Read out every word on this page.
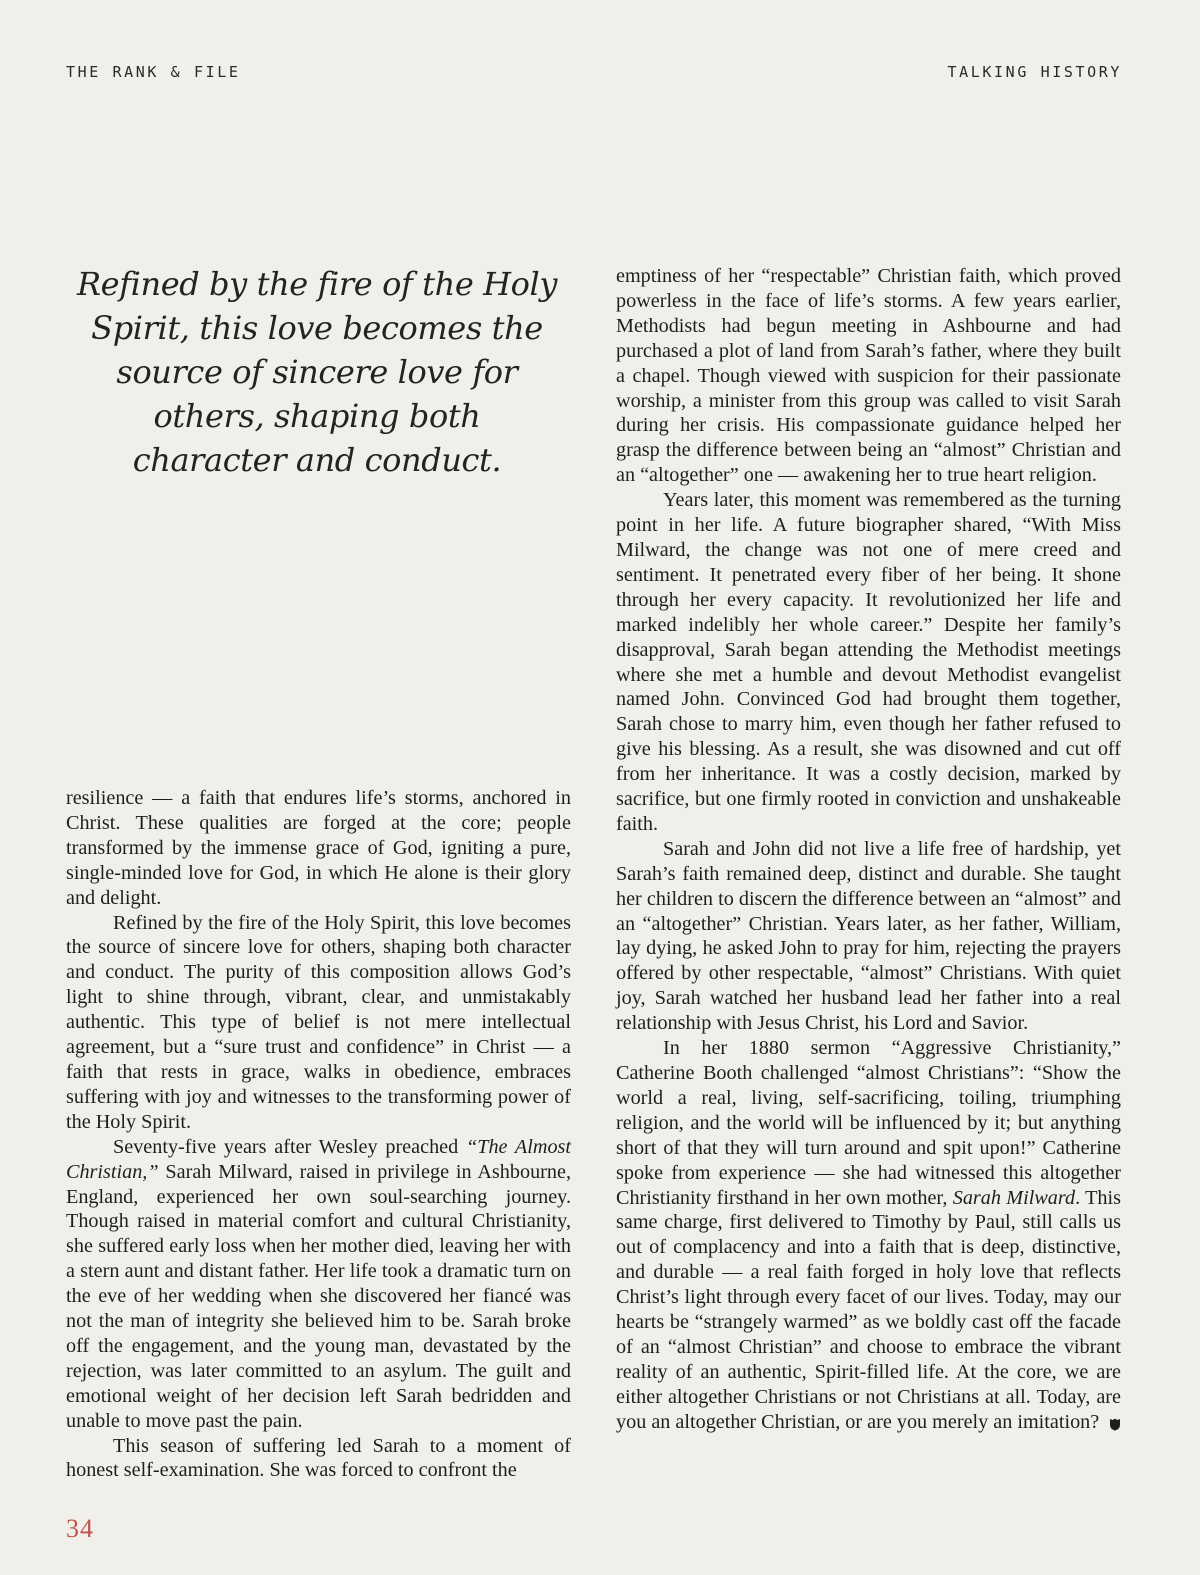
THE RANK & FILE	TALKING HISTORY
Refined by the fire of the Holy Spirit, this love becomes the source of sincere love for others, shaping both character and conduct.

resilience — a faith that endures life’s storms, anchored in Christ. These qualities are forged at the core; people transformed by the immense grace of God, igniting a pure, single-minded love for God, in which He alone is their glory and delight.

Refined by the fire of the Holy Spirit, this love becomes the source of sincere love for others, shaping both character and conduct. The purity of this composition allows God’s light to shine through, vibrant, clear, and unmistakably authentic. This type of belief is not mere intellectual agreement, but a “sure trust and confidence” in Christ — a faith that rests in grace, walks in obedience, embraces suffering with joy and witnesses to the transforming power of the Holy Spirit.

Seventy-five years after Wesley preached “The Almost Christian,” Sarah Milward, raised in privilege in Ashbourne, England, experienced her own soul-searching journey. Though raised in material comfort and cultural Christianity, she suffered early loss when her mother died, leaving her with a stern aunt and distant father. Her life took a dramatic turn on the eve of her wedding when she discovered her fiancé was not the man of integrity she believed him to be. Sarah broke off the engagement, and the young man, devastated by the rejection, was later committed to an asylum. The guilt and emotional weight of her decision left Sarah bedridden and unable to move past the pain.

This season of suffering led Sarah to a moment of honest self-examination. She was forced to confront the

emptiness of her “respectable” Christian faith, which proved powerless in the face of life’s storms. A few years earlier, Methodists had begun meeting in Ashbourne and had purchased a plot of land from Sarah’s father, where they built a chapel. Though viewed with suspicion for their passionate worship, a minister from this group was called to visit Sarah during her crisis. His compassionate guidance helped her grasp the difference between being an “almost” Christian and an “altogether” one — awakening her to true heart religion.

Years later, this moment was remembered as the turning point in her life. A future biographer shared, “With Miss Milward, the change was not one of mere creed and sentiment. It penetrated every fiber of her being. It shone through her every capacity. It revolutionized her life and marked indelibly her whole career.” Despite her family’s disapproval, Sarah began attending the Methodist meetings where she met a humble and devout Methodist evangelist named John. Convinced God had brought them together, Sarah chose to marry him, even though her father refused to give his blessing. As a result, she was disowned and cut off from her inheritance. It was a costly decision, marked by sacrifice, but one firmly rooted in conviction and unshakeable faith.

Sarah and John did not live a life free of hardship, yet Sarah’s faith remained deep, distinct and durable. She taught her children to discern the difference between an “almost” and an “altogether” Christian. Years later, as her father, William, lay dying, he asked John to pray for him, rejecting the prayers offered by other respectable, “almost” Christians. With quiet joy, Sarah watched her husband lead her father into a real relationship with Jesus Christ, his Lord and Savior.

In her 1880 sermon “Aggressive Christianity,” Catherine Booth challenged “almost Christians”: “Show the world a real, living, self-sacrificing, toiling, triumphing religion, and the world will be influenced by it; but anything short of that they will turn around and spit upon!” Catherine spoke from experience — she had witnessed this altogether Christianity firsthand in her own mother, Sarah Milward. This same charge, first delivered to Timothy by Paul, still calls us out of complacency and into a faith that is deep, distinctive, and durable — a real faith forged in holy love that reflects Christ’s light through every facet of our lives. Today, may our hearts be “strangely warmed” as we boldly cast off the facade of an “almost Christian” and choose to embrace the vibrant reality of an authentic, Spirit-filled life. At the core, we are either altogether Christians or not Christians at all. Today, are you an altogether Christian, or are you merely an imitation?

34
